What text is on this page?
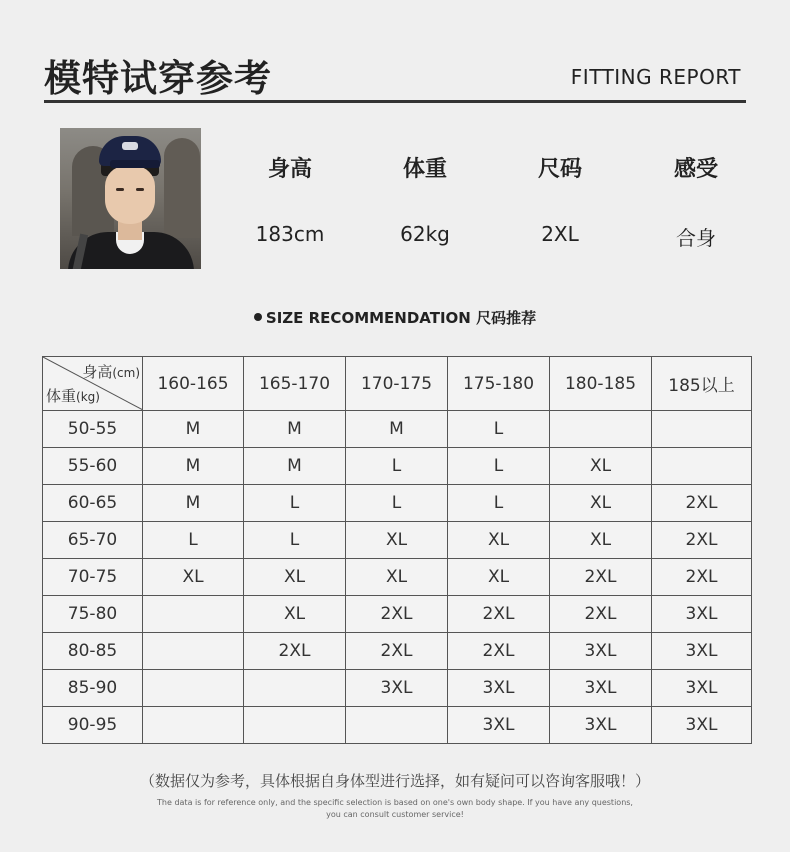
模特试穿参考	FITTING REPORT
身高	体重	尺码	感受
183cm	62kg	2XL	合身
SIZE RECOMMENDATION 尺码推荐
身高(cm)
体重(kg)	160-165	165-170	170-175	175-180	180-185	185以上
50-55	M	M	M	L		
55-60	M	M	L	L	XL	
60-65	M	L	L	L	XL	2XL
65-70	L	L	XL	XL	XL	2XL
70-75	XL	XL	XL	XL	2XL	2XL
75-80		XL	2XL	2XL	2XL	3XL
80-85		2XL	2XL	2XL	3XL	3XL
85-90			3XL	3XL	3XL	3XL
90-95				3XL	3XL	3XL
（数据仅为参考，具体根据自身体型进行选择，如有疑问可以咨询客服哦！）
The data is for reference only, and the specific selection is based on one's own body shape. If you have any questions,
you can consult customer service!
